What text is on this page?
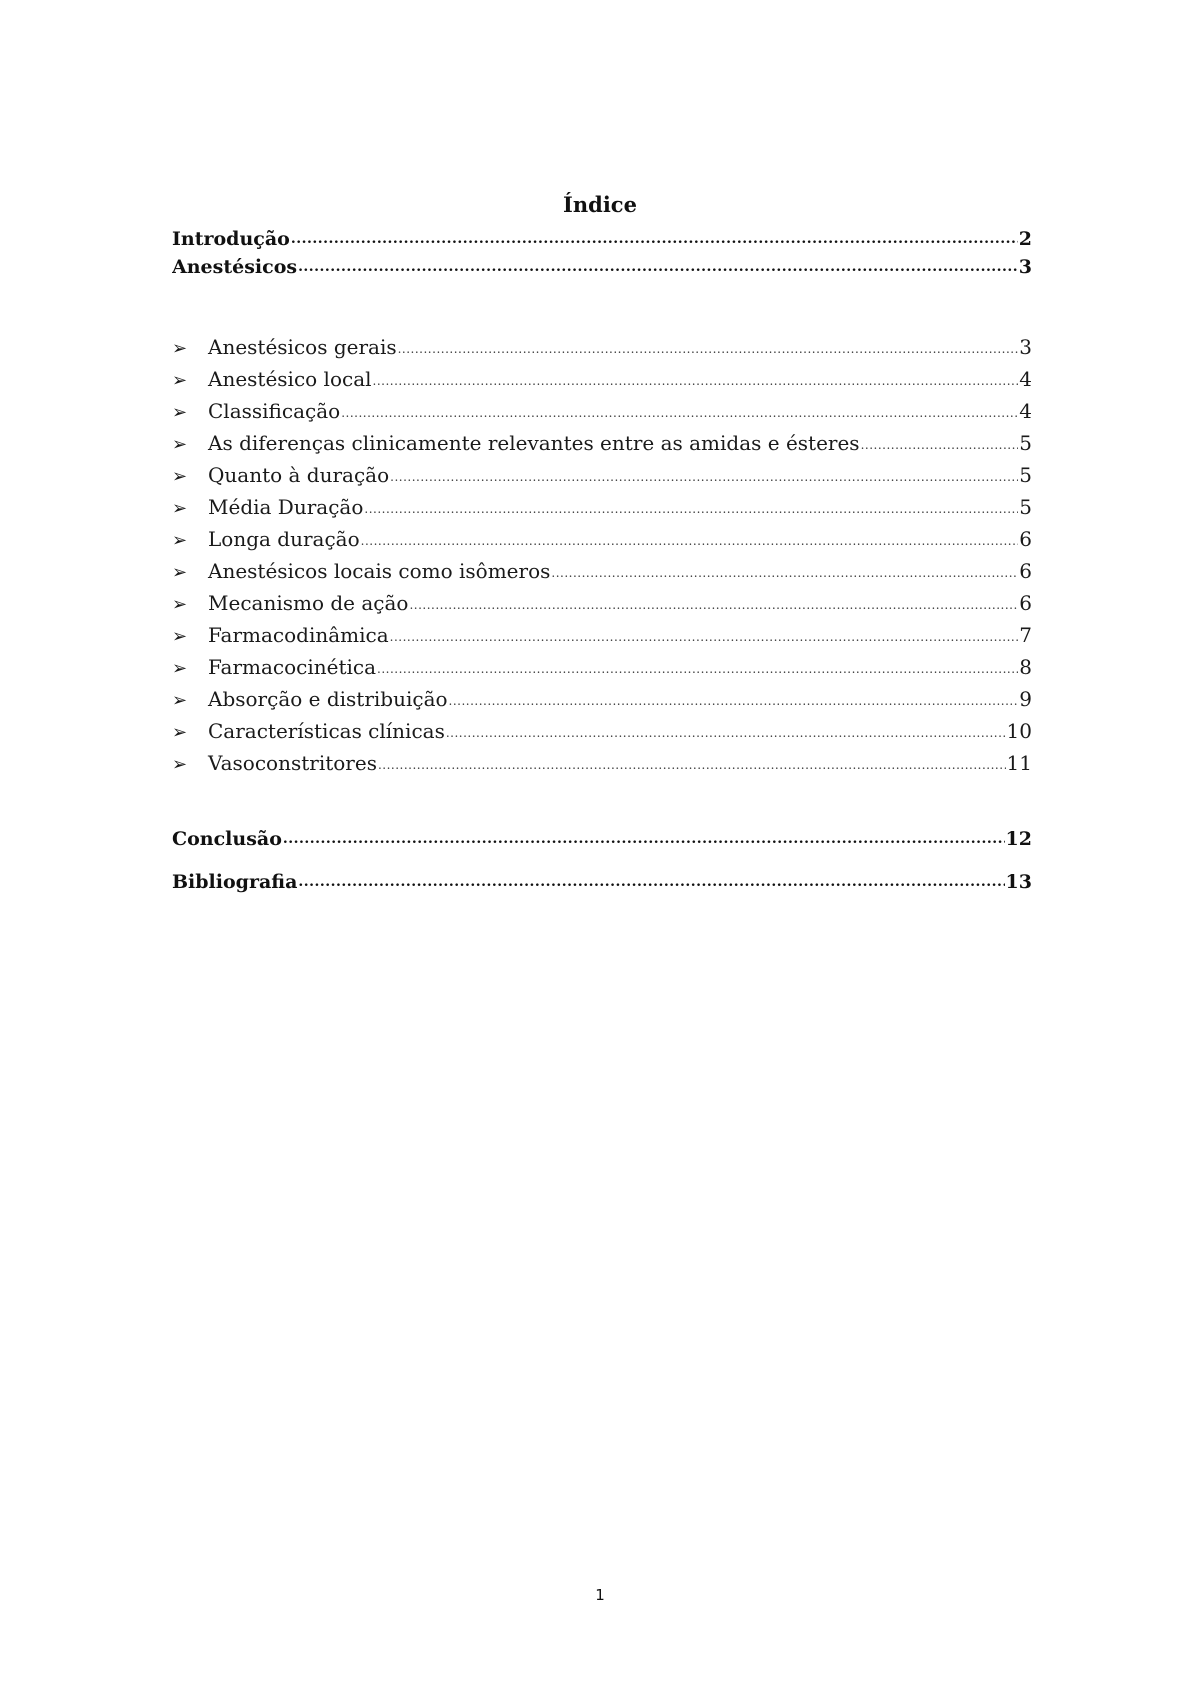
Índice
Introdução .....	2
Anestésicos .....	3
➢	Anestésicos gerais .....	3
➢	Anestésico local .....	4
➢	Classificação .....	4
➢	As diferenças clinicamente relevantes entre as amidas e ésteres .....	5
➢	Quanto à duração .....	5
➢	Média Duração .....	5
➢	Longa duração .....	6
➢	Anestésicos locais como isômeros .....	6
➢	Mecanismo de ação .....	6
➢	Farmacodinâmica .....	7
➢	Farmacocinética .....	8
➢	Absorção e distribuição .....	9
➢	Características clínicas .....	10
➢	Vasoconstritores .....	11
Conclusão .....	12
Bibliografia .....	13
1
